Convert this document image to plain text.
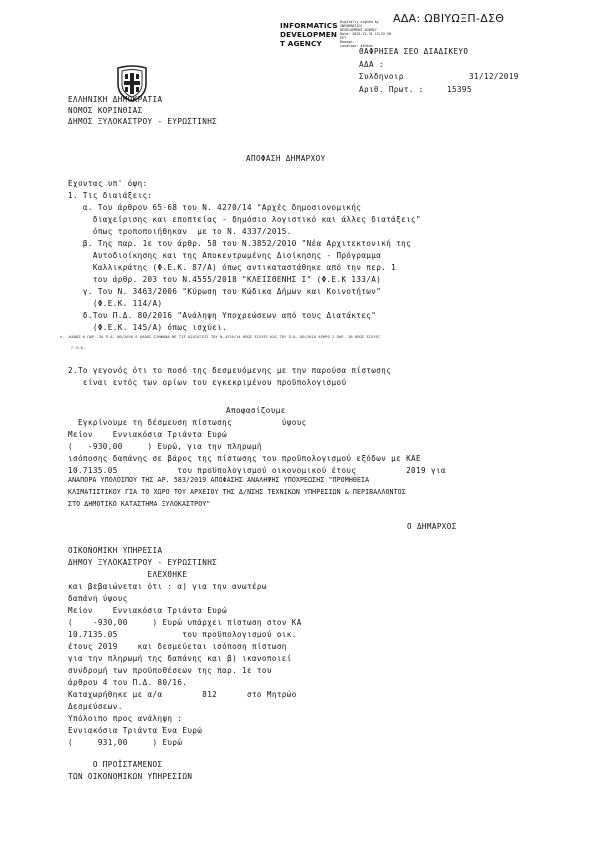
ΑΔΑ: ΩΒΙΥΩΞΠ-ΔΣΘ
INFORMATICS
DEVELOPMEN
T AGENCY
Digitally signed by
INFORMATICS
DEVELOPMENT AGENCY
Date: 2019.12.31 15:22:58
EET
Reason:
Location: Athens
ΘΑΦΡΗΣΕΑ ΣΕΟ ΔΙΑΔΙΚΕΥΟ
ΑΔΑ :
Συλδηνοιρ	31/12/2019
Αριθ. Πρωτ. :	15395
ΕΛΛΗΝΙΚΗ ΔΗΜΟΚΡΑΤΙΑ
ΝΟΜΟΣ ΚΟΡΙΝΘΙΑΣ
ΔΗΜΟΣ ΞΥΛΟΚΑΣΤΡΟΥ - ΕΥΡΩΣΤΙΝΗΣ
ΑΠΟΦΑΣΗ ΔΗΜΑΡΧΟΥ
Εχοντας υπ' όψη:
1. Τις διαιάξεις:
α. Του άρθρου 65-68 του Ν. 4270/14 "Αρχές δημοσιονομικής
διαχείρισης και εποπτείας - δημόσιο λογιστικό και άλλες διατάξεις"
όπως τροποποιήθηκαν  με το Ν. 4337/2015.
β. Της παρ. 1ε του άρθρ. 58 του Ν.3852/2010 "Νέα Αρχιτεκτονική της
Αυτοδιοίκησης και της Αποκεντρωμένης Διοίκησης - Πρόγραμμα
Καλλικράτης (Φ.Ε.Κ. 87/Α) όπως αντικαταστάθηκε από την περ. 1
του άρθρ. 203 του Ν.4555/2018 "ΚΛΕΙΣΘΕΝΗΣ Ι" (Φ.Ε.Κ 133/Α)
γ. Του Ν. 3463/2006 "Κύρωση του Κώδικα Δήμων και Κοινοτήτων"
(Φ.Ε.Κ. 114/Α)
δ.Του Π.Δ. 80/2016 "Ανάληψη Υποχρεώσεων από τους Διατάκτες"
(Φ.Ε.Κ. 145/Α) όπως ισχύει.
ε.  ΚΑΘΩΣ Κ ΠΑΡ. 2Α Π.Δ. 80/2016 Ε ΚΑΘΩΣ ΣΥΜΦΩΝΑ ΜΕ ΤΙΣ ΔΙΑΤΑΞΕΙΣ ΤΟΥ Ν.4270/14 ΟΠΩΣ ΙΣΧΥΕΙ ΚΑΙ ΤΟΥ Π.Δ. 80/2016 ΑΡΘΡΟ 2 ΠΑΡ. 1Β ΟΠΩΣ ΙΣΧΥΕΙ
Γ.Λ.Κ.
2.Το γεγονός ότι το ποσό της δεσμευόμενης με την παρούσα πίστωσης
είναι εντός των ορίων του εγκεκριμένου προϋπολογισμού
Αποφασίζουμε
Εγκρίνουμε τη δέσμευση πίστωσης          ύψους
Μείον    Εννιακόσια Τριάντα Ευρώ
(   -930,00     ) Ευρώ, για την πληρωμή
ισόποσης δαπάνης σε βάρος της πίστωσης του προϋπολογισμού εξόδων με ΚΑΕ
10.7135.05            του προϋπολογισμού οικονομικού έτους          2019 για
ΑΝΑΠΟΡΑ ΥΠΟΛΟΙΠΟΥ ΤΗΣ ΑΡ. 583/2019 ΑΠΟΦΑΣΗΣ ΑΝΑΛΗΨΗΣ ΥΠΟΧΡΕΩΣΗΣ "ΠΡΟΜΗΘΕΙΑ
ΚΛΙΜΑΤΙΣΤΙΚΟΥ ΓΙΑ ΤΟ ΧΩΡΟ ΤΟΥ ΑΡΧΕΙΟΥ ΤΗΣ Δ/ΝΣΗΣ ΤΕΧΝΙΚΩΝ ΥΠΗΡΕΣΙΩΝ & ΠΕΡΙΒΑΛΛΟΝΤΟΣ
ΣΤΟ ΔΗΜΟΤΙΚΟ ΚΑΤΑΣΤΗΜΑ ΞΥΛΟΚΑΣΤΡΟΥ"
Ο ΔΗΜΑΡΧΟΣ
ΟΙΚΟΝΟΜΙΚΗ ΥΠΗΡΕΣΙΑ
ΔΗΜΟΥ ΞΥΛΟΚΑΣΤΡΟΥ - ΕΥΡΩΣΤΙΝΗΣ
ΕΛΕΧΘΗΚΕ
και βεβαιώνεται ότι : α) για την ανωτέρω
δαπάνη ύψους
Μείον    Εννιακόσια Τριάντα Ευρώ
(    -930,00     ) Ευρώ υπάρχει πίστωση στον ΚΑ
10.7135.05             του προϋπολογισμού οικ.
έτους 2019    και δεσμεύεται ισόποση πίστωση
για την πληρωμή της δαπάνης και β) ικανοποιεί
συνδρομή των προϋποθέσεων της παρ. 1ε του
άρθρου 4 του Π.Δ. 80/16.
Καταχωρήθηκε με α/α        812      στο Μητρώο
Δεσμεύσεων.
Υπόλοιπο προς ανάληψη :
Εννιακόσια Τριάντα Ένα Ευρώ
(     931,00     ) Ευρώ
Ο ΠΡΟΪΣΤΑΜΕΝΟΣ
ΤΩΝ ΟΙΚΟΝΟΜΙΚΩΝ ΥΠΗΡΕΣΙΩΝ
